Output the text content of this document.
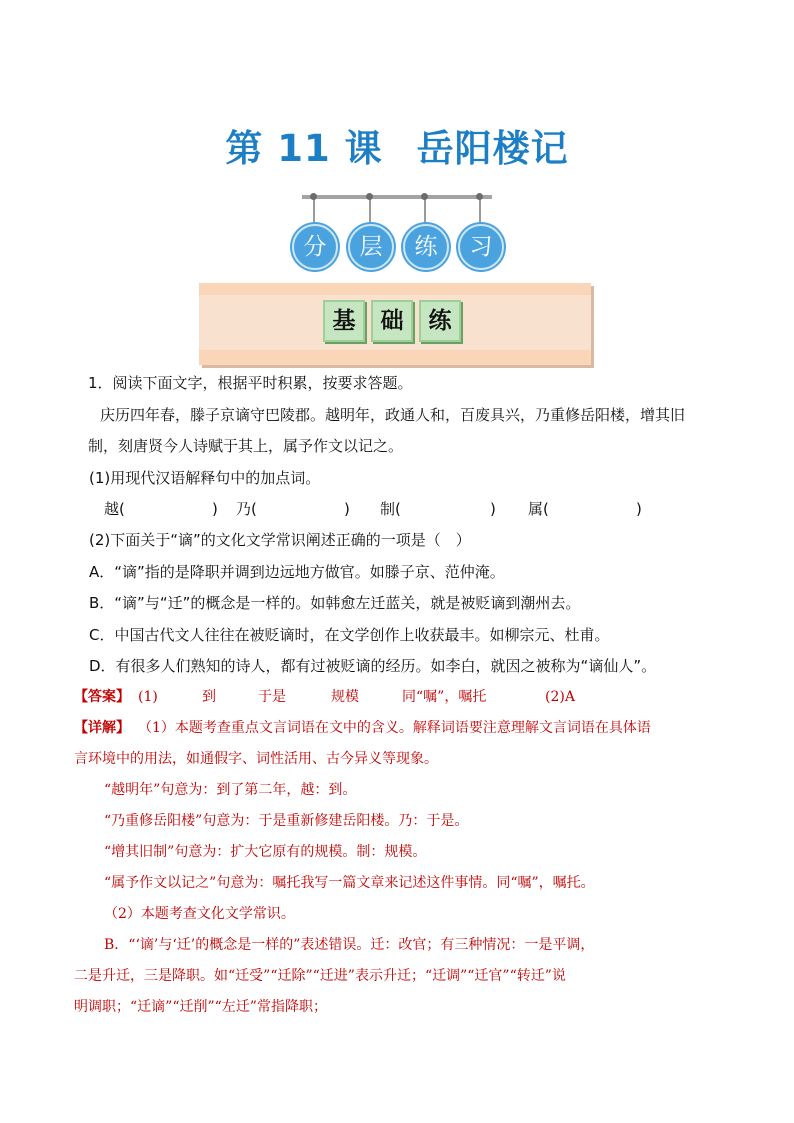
第 11 课 岳阳楼记
分	层	练	习
基	础	练
1．阅读下面文字，根据平时积累，按要求答题。
庆历四年春，滕子京谪守巴陵郡。越明年，政通人和，百废具兴，乃重修岳阳楼，增其旧
制，刻唐贤今人诗赋于其上，属予作文以记之。
(1)用现代汉语解释句中的加点词。
越(	) 乃(	) 制(	) 属(	)
(2)下面关于“谪”的文化文学常识阐述正确的一项是（　）
A．“谪”指的是降职并调到边远地方做官。如滕子京、范仲淹。
B．“谪”与“迁”的概念是一样的。如韩愈左迁蓝关，就是被贬谪到潮州去。
C．中国古代文人往往在被贬谪时，在文学创作上收获最丰。如柳宗元、杜甫。
D．有很多人们熟知的诗人，都有过被贬谪的经历。如李白，就因之被称为“谪仙人”。
【答案】 (1)	到	于是	规模	同“嘱”，嘱托	(2)A
【详解】 （1）本题考查重点文言词语在文中的含义。解释词语要注意理解文言词语在具体语
言环境中的用法，如通假字、词性活用、古今异义等现象。
“越明年”句意为：到了第二年，越：到。
“乃重修岳阳楼”句意为：于是重新修建岳阳楼。乃：于是。
“增其旧制”句意为：扩大它原有的规模。制：规模。
“属予作文以记之”句意为：嘱托我写一篇文章来记述这件事情。同“嘱”，嘱托。
（2）本题考查文化文学常识。
B．“‘谪’与‘迁’的概念是一样的”表述错误。迁：改官；有三种情况：一是平调，
二是升迁，三是降职。如“迁受”“迁除”“迁进”表示升迁；“迁调”“迁官”“转迁”说
明调职；“迁谪”“迁削”“左迁”常指降职；
